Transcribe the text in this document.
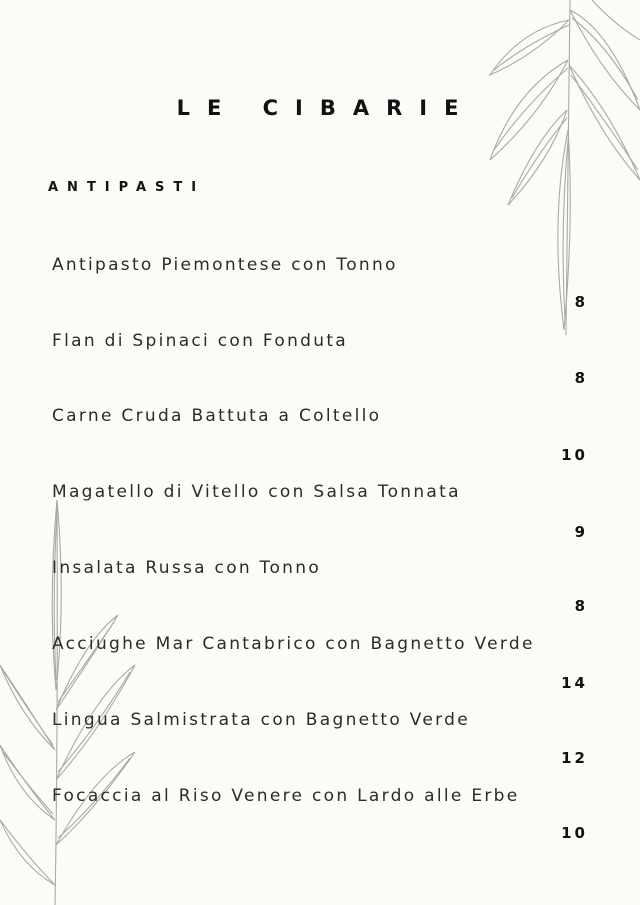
LE CIBARIE
ANTIPASTI
Antipasto Piemontese con Tonno
8
Flan di Spinaci con Fonduta
8
Carne Cruda Battuta a Coltello
10
Magatello di Vitello con Salsa Tonnata
9
Insalata Russa con Tonno
8
Acciughe Mar Cantabrico con Bagnetto Verde
14
Lingua Salmistrata con Bagnetto Verde
12
Focaccia al Riso Venere con Lardo alle Erbe
10
